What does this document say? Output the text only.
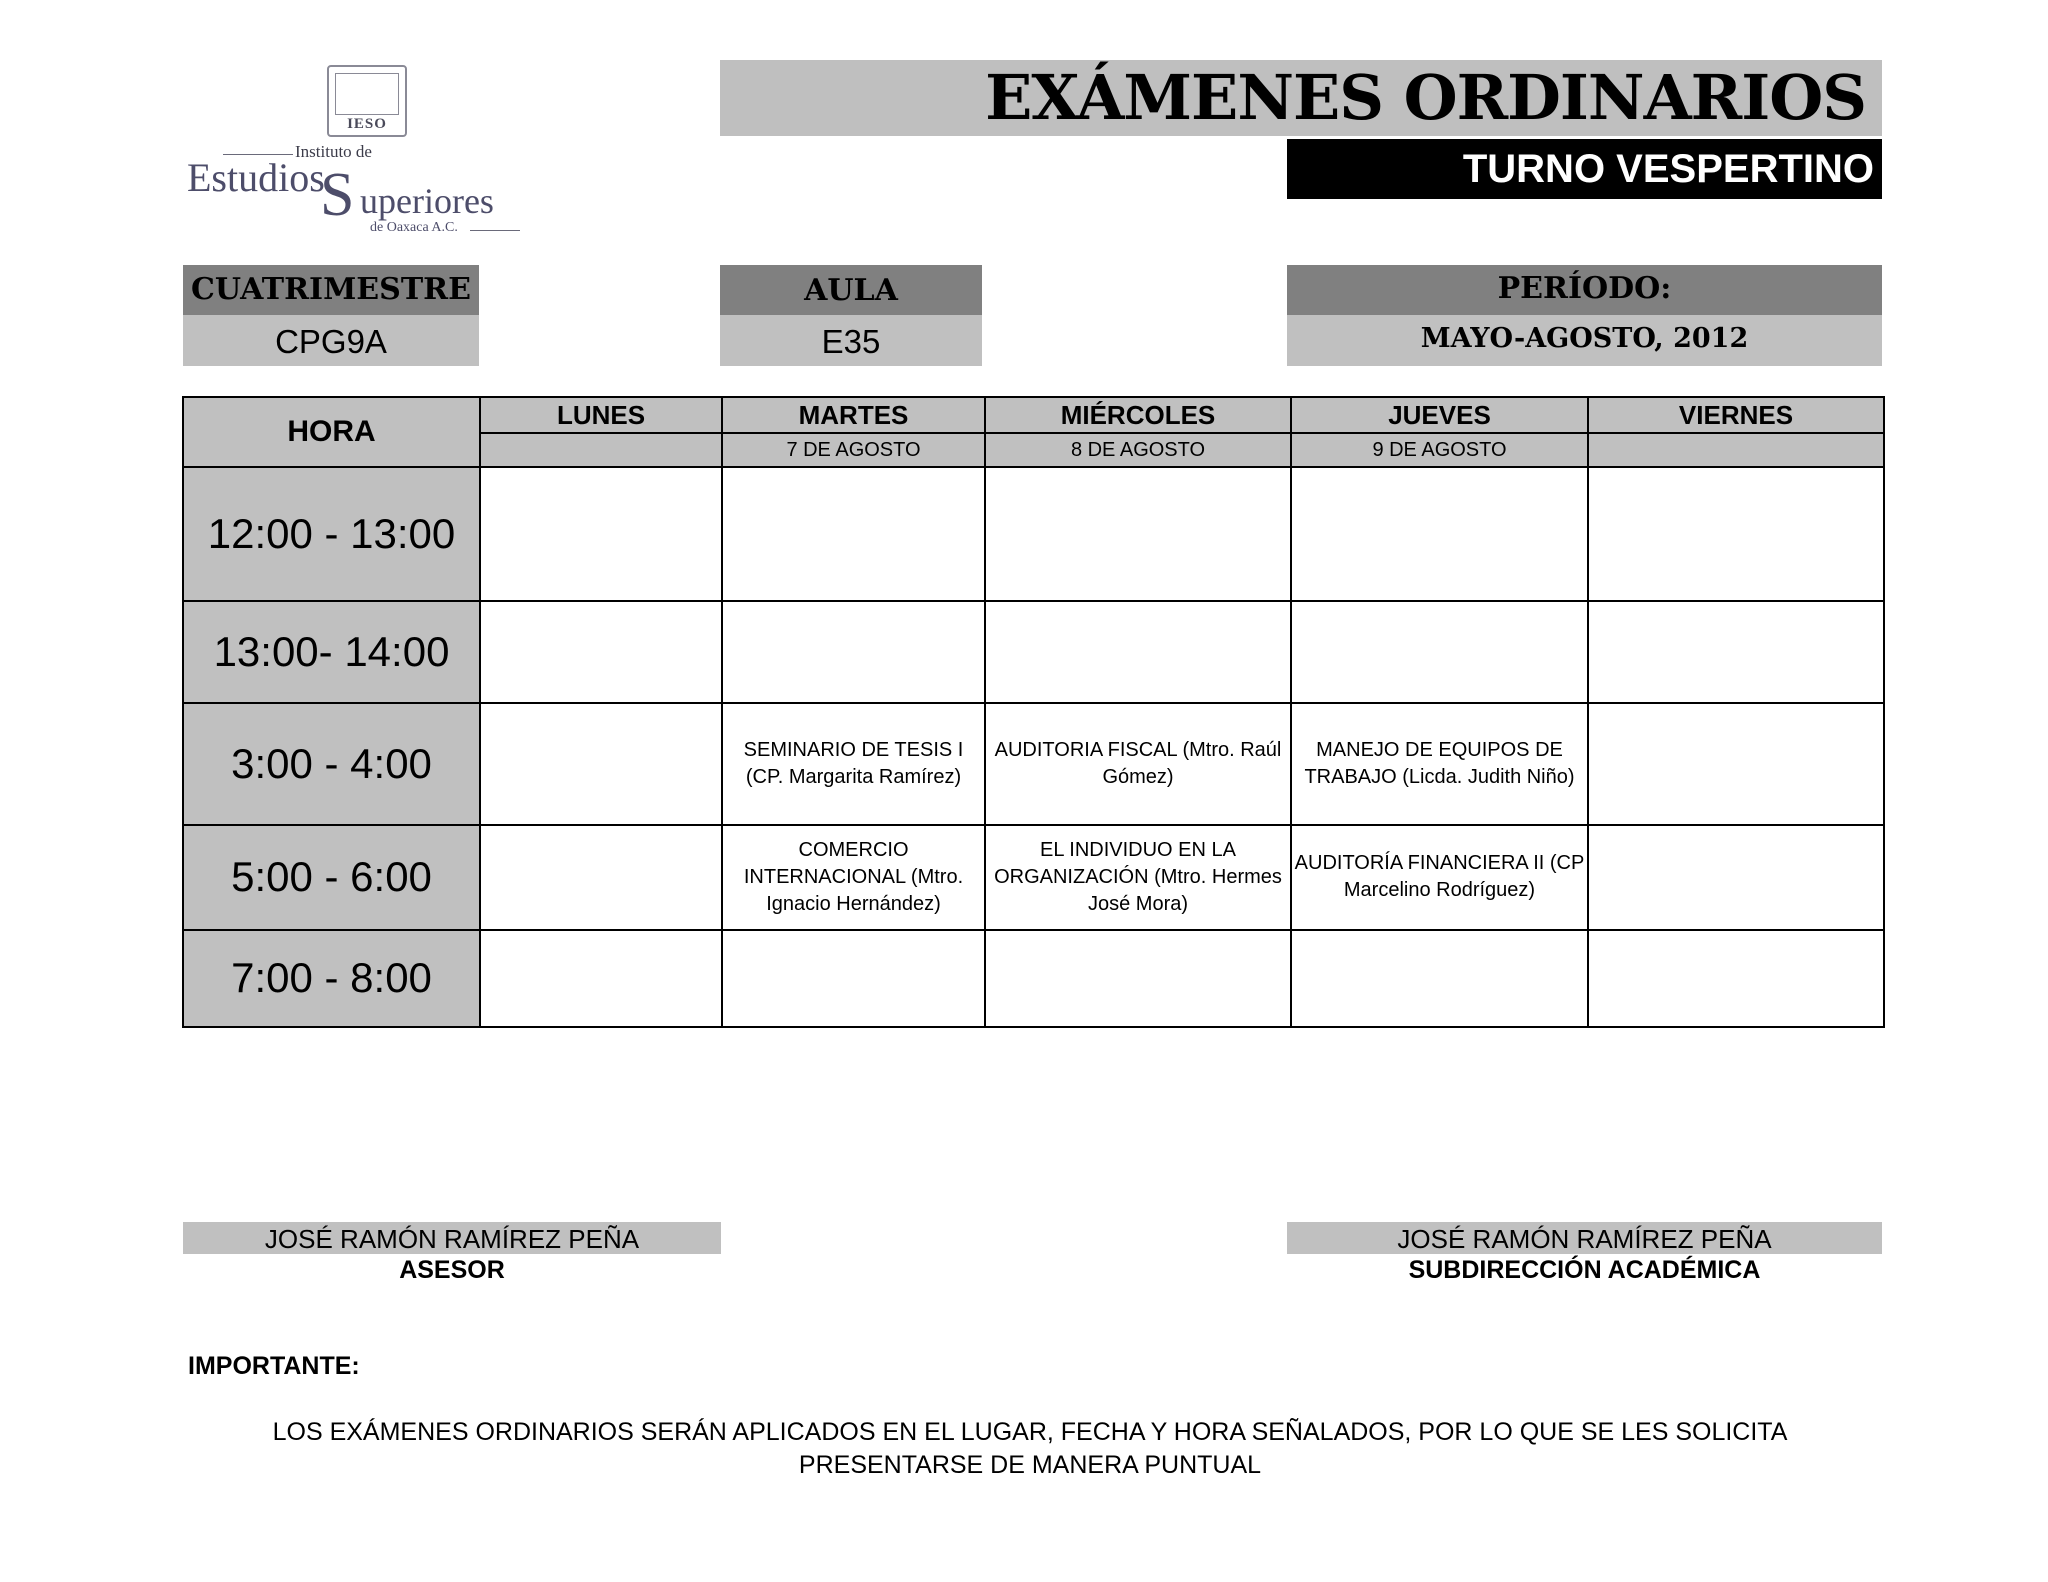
IESO
Instituto de
Estudios
S uperiores
de Oaxaca A.C.
EXÁMENES ORDINARIOS
TURNO VESPERTINO
CUATRIMESTRE
CPG9A
AULA
E35
PERÍODO:
MAYO-AGOSTO, 2012
HORA	LUNES	MARTES	MIÉRCOLES	JUEVES	VIERNES
		7 DE AGOSTO	8 DE AGOSTO	9 DE AGOSTO	
12:00 - 13:00					
13:00- 14:00					
3:00 - 4:00		SEMINARIO DE TESIS I (CP. Margarita Ramírez)	AUDITORIA FISCAL (Mtro. Raúl Gómez)	MANEJO DE EQUIPOS DE TRABAJO (Licda. Judith Niño)	
5:00 - 6:00		COMERCIO INTERNACIONAL (Mtro. Ignacio Hernández)	EL INDIVIDUO EN LA ORGANIZACIÓN (Mtro. Hermes José Mora)	AUDITORÍA FINANCIERA II (CP Marcelino Rodríguez)	
7:00 - 8:00					
JOSÉ RAMÓN RAMÍREZ PEÑA
ASESOR
JOSÉ RAMÓN RAMÍREZ PEÑA
SUBDIRECCIÓN ACADÉMICA
IMPORTANTE:
LOS EXÁMENES ORDINARIOS SERÁN APLICADOS EN EL LUGAR, FECHA Y HORA SEÑALADOS, POR LO QUE SE LES SOLICITA PRESENTARSE DE MANERA PUNTUAL
